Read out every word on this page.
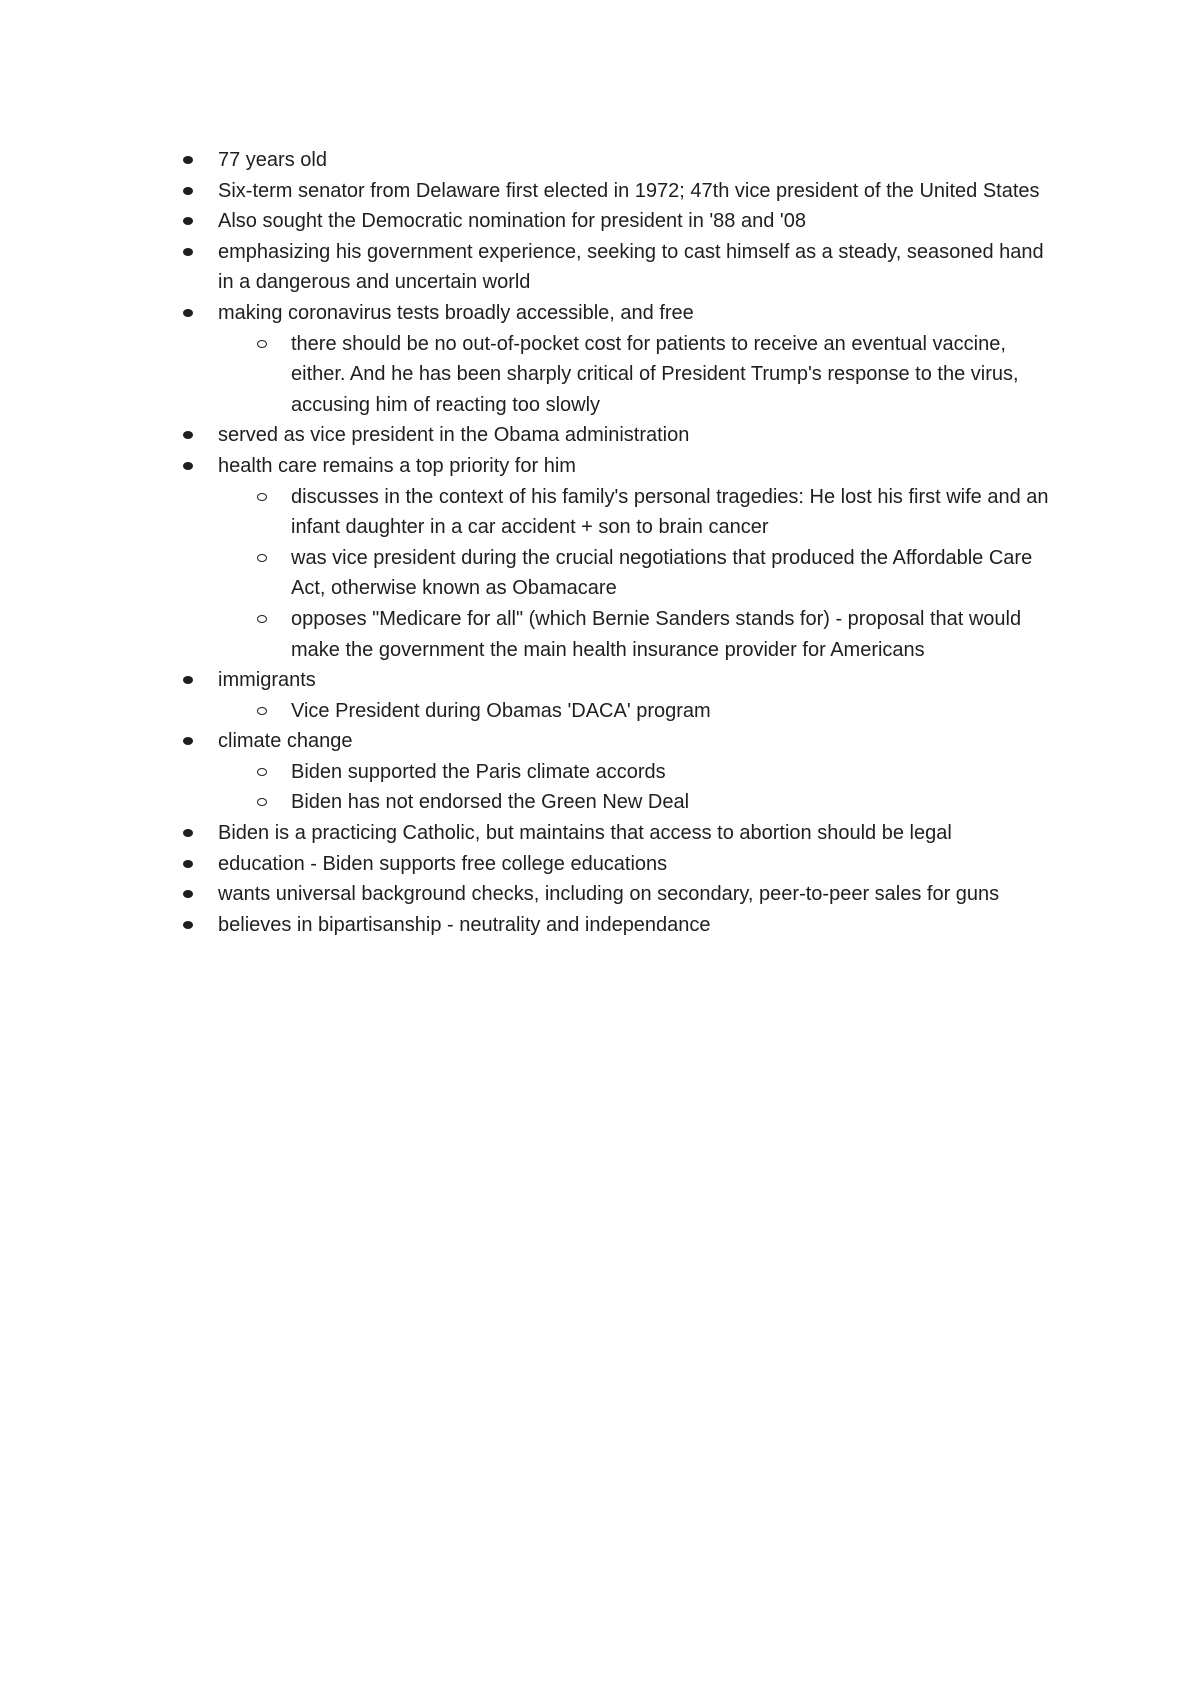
77 years old

Six-term senator from Delaware first elected in 1972; 47th vice president of the United States

Also sought the Democratic nomination for president in '88 and '08

emphasizing his government experience, seeking to cast himself as a steady, seasoned hand in a dangerous and uncertain world

making coronavirus tests broadly accessible, and free

there should be no out-of-pocket cost for patients to receive an eventual vaccine, either. And he has been sharply critical of President Trump's response to the virus, accusing him of reacting too slowly

served as vice president in the Obama administration

health care remains a top priority for him

discusses in the context of his family's personal tragedies: He lost his first wife and an infant daughter in a car accident + son to brain cancer

was vice president during the crucial negotiations that produced the Affordable Care Act, otherwise known as Obamacare

opposes "Medicare for all" (which Bernie Sanders stands for) - proposal that would make the government the main health insurance provider for Americans

immigrants

Vice President during Obamas 'DACA' program

climate change

Biden supported the Paris climate accords

Biden has not endorsed the Green New Deal

Biden is a practicing Catholic, but maintains that access to abortion should be legal

education - Biden supports free college educations

wants universal background checks, including on secondary, peer-to-peer sales for guns

believes in bipartisanship - neutrality and independance
